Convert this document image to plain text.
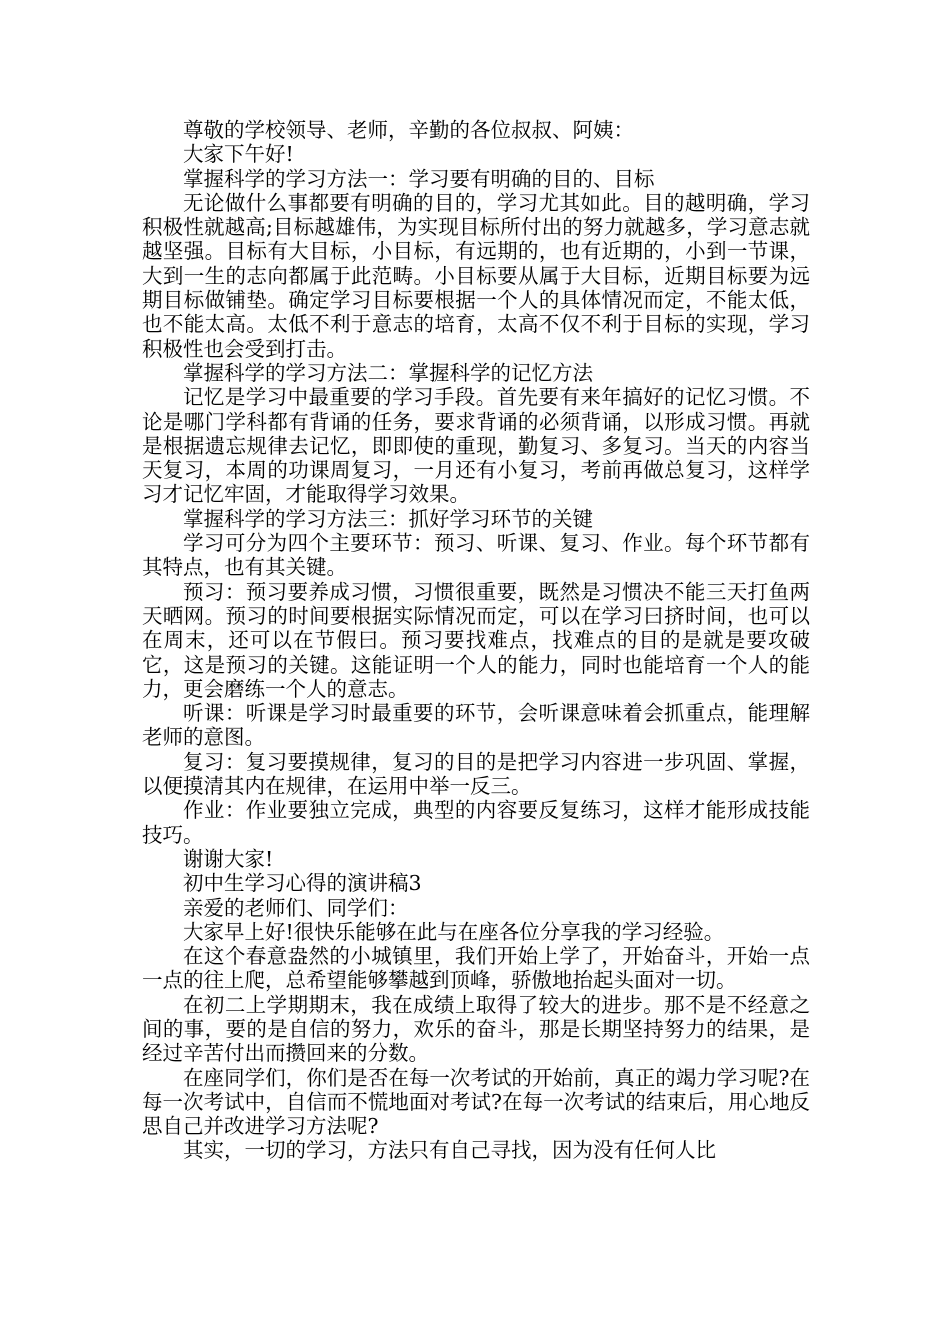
尊敬的学校领导、老师，辛勤的各位叔叔、阿姨：

大家下午好!

掌握科学的学习方法一：学习要有明确的目的、目标

无论做什么事都要有明确的目的，学习尤其如此。目的越明确，学习积极性就越高;目标越雄伟，为实现目标所付出的努力就越多，学习意志就越坚强。目标有大目标，小目标，有远期的，也有近期的，小到一节课，大到一生的志向都属于此范畴。小目标要从属于大目标，近期目标要为远期目标做铺垫。确定学习目标要根据一个人的具体情况而定，不能太低，也不能太高。太低不利于意志的培育，太高不仅不利于目标的实现，学习积极性也会受到打击。

掌握科学的学习方法二：掌握科学的记忆方法

记忆是学习中最重要的学习手段。首先要有来年搞好的记忆习惯。不论是哪门学科都有背诵的任务，要求背诵的必须背诵，以形成习惯。再就是根据遗忘规律去记忆，即即使的重现，勤复习、多复习。当天的内容当天复习，本周的功课周复习，一月还有小复习，考前再做总复习，这样学习才记忆牢固，才能取得学习效果。

掌握科学的学习方法三：抓好学习环节的关键

学习可分为四个主要环节：预习、听课、复习、作业。每个环节都有其特点，也有其关键。

预习：预习要养成习惯，习惯很重要，既然是习惯决不能三天打鱼两天晒网。预习的时间要根据实际情况而定，可以在学习曰挤时间，也可以在周末，还可以在节假曰。预习要找难点，找难点的目的是就是要攻破它，这是预习的关键。这能证明一个人的能力，同时也能培育一个人的能力，更会磨练一个人的意志。

听课：听课是学习时最重要的环节，会听课意味着会抓重点，能理解老师的意图。

复习：复习要摸规律，复习的目的是把学习内容进一步巩固、掌握，以便摸清其内在规律，在运用中举一反三。

作业：作业要独立完成，典型的内容要反复练习，这样才能形成技能技巧。

谢谢大家!

初中生学习心得的演讲稿3

亲爱的老师们、同学们：

大家早上好!很快乐能够在此与在座各位分享我的学习经验。

在这个春意盎然的小城镇里，我们开始上学了，开始奋斗，开始一点一点的往上爬，总希望能够攀越到顶峰，骄傲地抬起头面对一切。

在初二上学期期末，我在成绩上取得了较大的进步。那不是不经意之间的事，要的是自信的努力，欢乐的奋斗，那是长期坚持努力的结果，是经过辛苦付出而攒回来的分数。

在座同学们，你们是否在每一次考试的开始前，真正的竭力学习呢?在每一次考试中，自信而不慌地面对考试?在每一次考试的结束后，用心地反思自己并改进学习方法呢?

其实，一切的学习，方法只有自己寻找，因为没有任何人比
